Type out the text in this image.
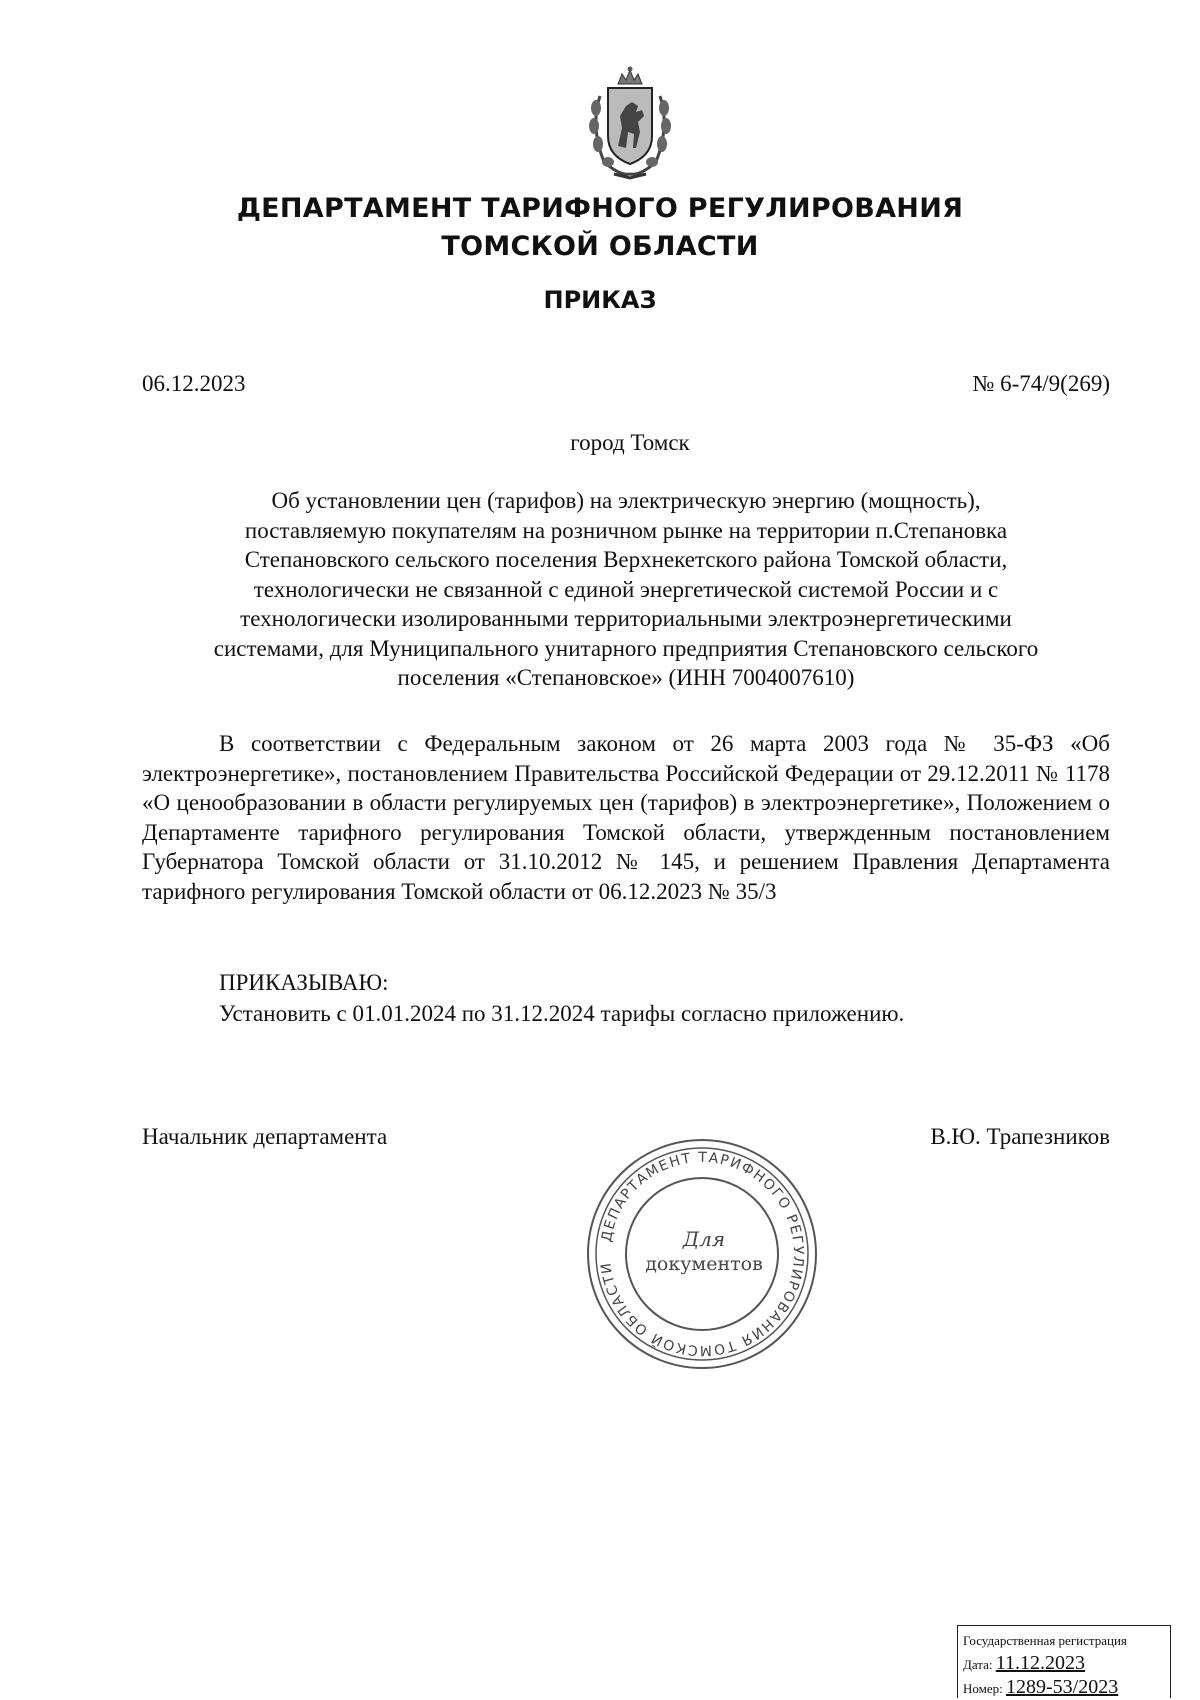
ДЕПАРТАМЕНТ ТАРИФНОГО РЕГУЛИРОВАНИЯ
ТОМСКОЙ ОБЛАСТИ
ПРИКАЗ
06.12.2023	№ 6-74/9(269)
город Томск
Об установлении цен (тарифов) на электрическую энергию (мощность),
поставляемую покупателям на розничном рынке на территории п.Степановка
Степановского сельского поселения Верхнекетского района Томской области,
технологически не связанной с единой энергетической системой России и с
технологически изолированными территориальными электроэнергетическими
системами, для Муниципального унитарного предприятия Степановского сельского
поселения «Степановское» (ИНН 7004007610)
В соответствии с Федеральным законом от 26 марта 2003 года № 35-ФЗ «Об электроэнергетике», постановлением Правительства Российской Федерации от 29.12.2011 № 1178 «О ценообразовании в области регулируемых цен (тарифов) в электроэнергетике», Положением о Департаменте тарифного регулирования Томской области, утвержденным постановлением Губернатора Томской области от 31.10.2012 № 145, и решением Правления Департамента тарифного регулирования Томской области от 06.12.2023 № 35/3
ПРИКАЗЫВАЮ:
Установить с 01.01.2024 по 31.12.2024 тарифы согласно приложению.
Начальник департамента	В.Ю. Трапезников
ДЕПАРТАМЕНТ ТАРИФНОГО РЕГУЛИРОВАНИЯ ТОМСКОЙ ОБЛАСТИ
Для
документов
Государственная регистрация
Дата: 11.12.2023
Номер: 1289-53/2023
